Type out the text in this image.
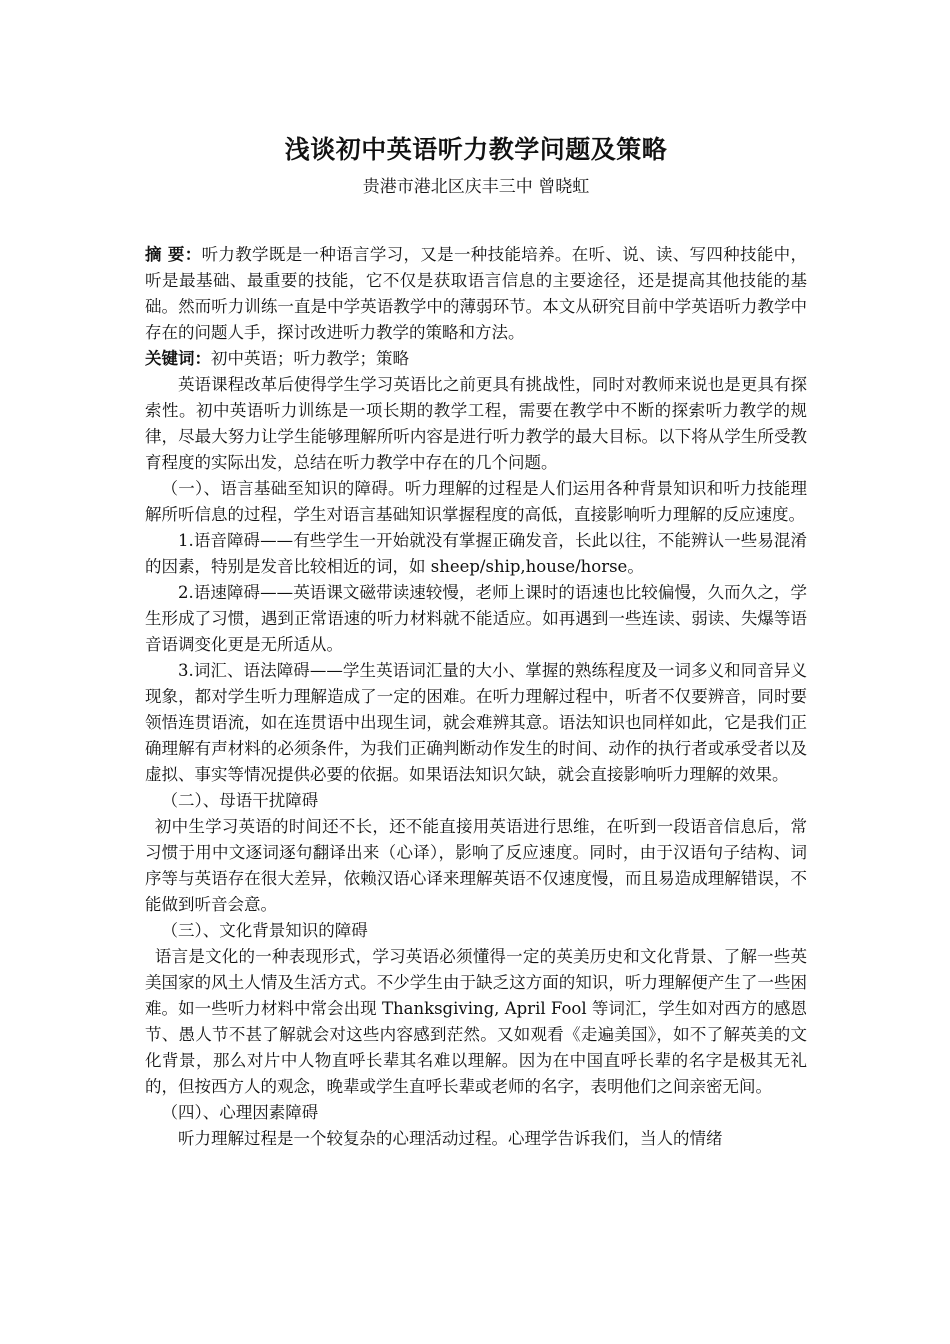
浅谈初中英语听力教学问题及策略
贵港市港北区庆丰三中 曾晓虹

摘 要：听力教学既是一种语言学习，又是一种技能培养。在听、说、读、写四种技能中，听是最基础、最重要的技能，它不仅是获取语言信息的主要途径，还是提高其他技能的基础。然而听力训练一直是中学英语教学中的薄弱环节。本文从研究目前中学英语听力教学中存在的问题人手，探讨改进听力教学的策略和方法。

关键词：初中英语；听力教学；策略

英语课程改革后使得学生学习英语比之前更具有挑战性，同时对教师来说也是更具有探索性。初中英语听力训练是一项长期的教学工程，需要在教学中不断的探索听力教学的规律，尽最大努力让学生能够理解所听内容是进行听力教学的最大目标。以下将从学生所受教育程度的实际出发，总结在听力教学中存在的几个问题。

（一）、语言基础至知识的障碍。听力理解的过程是人们运用各种背景知识和听力技能理解所听信息的过程，学生对语言基础知识掌握程度的高低，直接影响听力理解的反应速度。

1.语音障碍——有些学生一开始就没有掌握正确发音，长此以往，不能辨认一些易混淆的因素，特别是发音比较相近的词，如 sheep/ship,house/horse。

2.语速障碍——英语课文磁带读速较慢，老师上课时的语速也比较偏慢，久而久之，学生形成了习惯，遇到正常语速的听力材料就不能适应。如再遇到一些连读、弱读、失爆等语音语调变化更是无所适从。

3.词汇、语法障碍——学生英语词汇量的大小、掌握的熟练程度及一词多义和同音异义现象，都对学生听力理解造成了一定的困难。在听力理解过程中，听者不仅要辨音，同时要领悟连贯语流，如在连贯语中出现生词，就会难辨其意。语法知识也同样如此，它是我们正确理解有声材料的必须条件，为我们正确判断动作发生的时间、动作的执行者或承受者以及虚拟、事实等情况提供必要的依据。如果语法知识欠缺，就会直接影响听力理解的效果。

（二）、母语干扰障碍

初中生学习英语的时间还不长，还不能直接用英语进行思维，在听到一段语音信息后，常习惯于用中文逐词逐句翻译出来（心译），影响了反应速度。同时，由于汉语句子结构、词序等与英语存在很大差异，依赖汉语心译来理解英语不仅速度慢，而且易造成理解错误，不能做到听音会意。

（三）、文化背景知识的障碍

语言是文化的一种表现形式，学习英语必须懂得一定的英美历史和文化背景、了解一些英美国家的风土人情及生活方式。不少学生由于缺乏这方面的知识，听力理解便产生了一些困难。如一些听力材料中常会出现 Thanksgiving, April Fool 等词汇，学生如对西方的感恩节、愚人节不甚了解就会对这些内容感到茫然。又如观看《走遍美国》，如不了解英美的文化背景，那么对片中人物直呼长辈其名难以理解。因为在中国直呼长辈的名字是极其无礼的，但按西方人的观念，晚辈或学生直呼长辈或老师的名字，表明他们之间亲密无间。

（四）、心理因素障碍

听力理解过程是一个较复杂的心理活动过程。心理学告诉我们，当人的情绪
